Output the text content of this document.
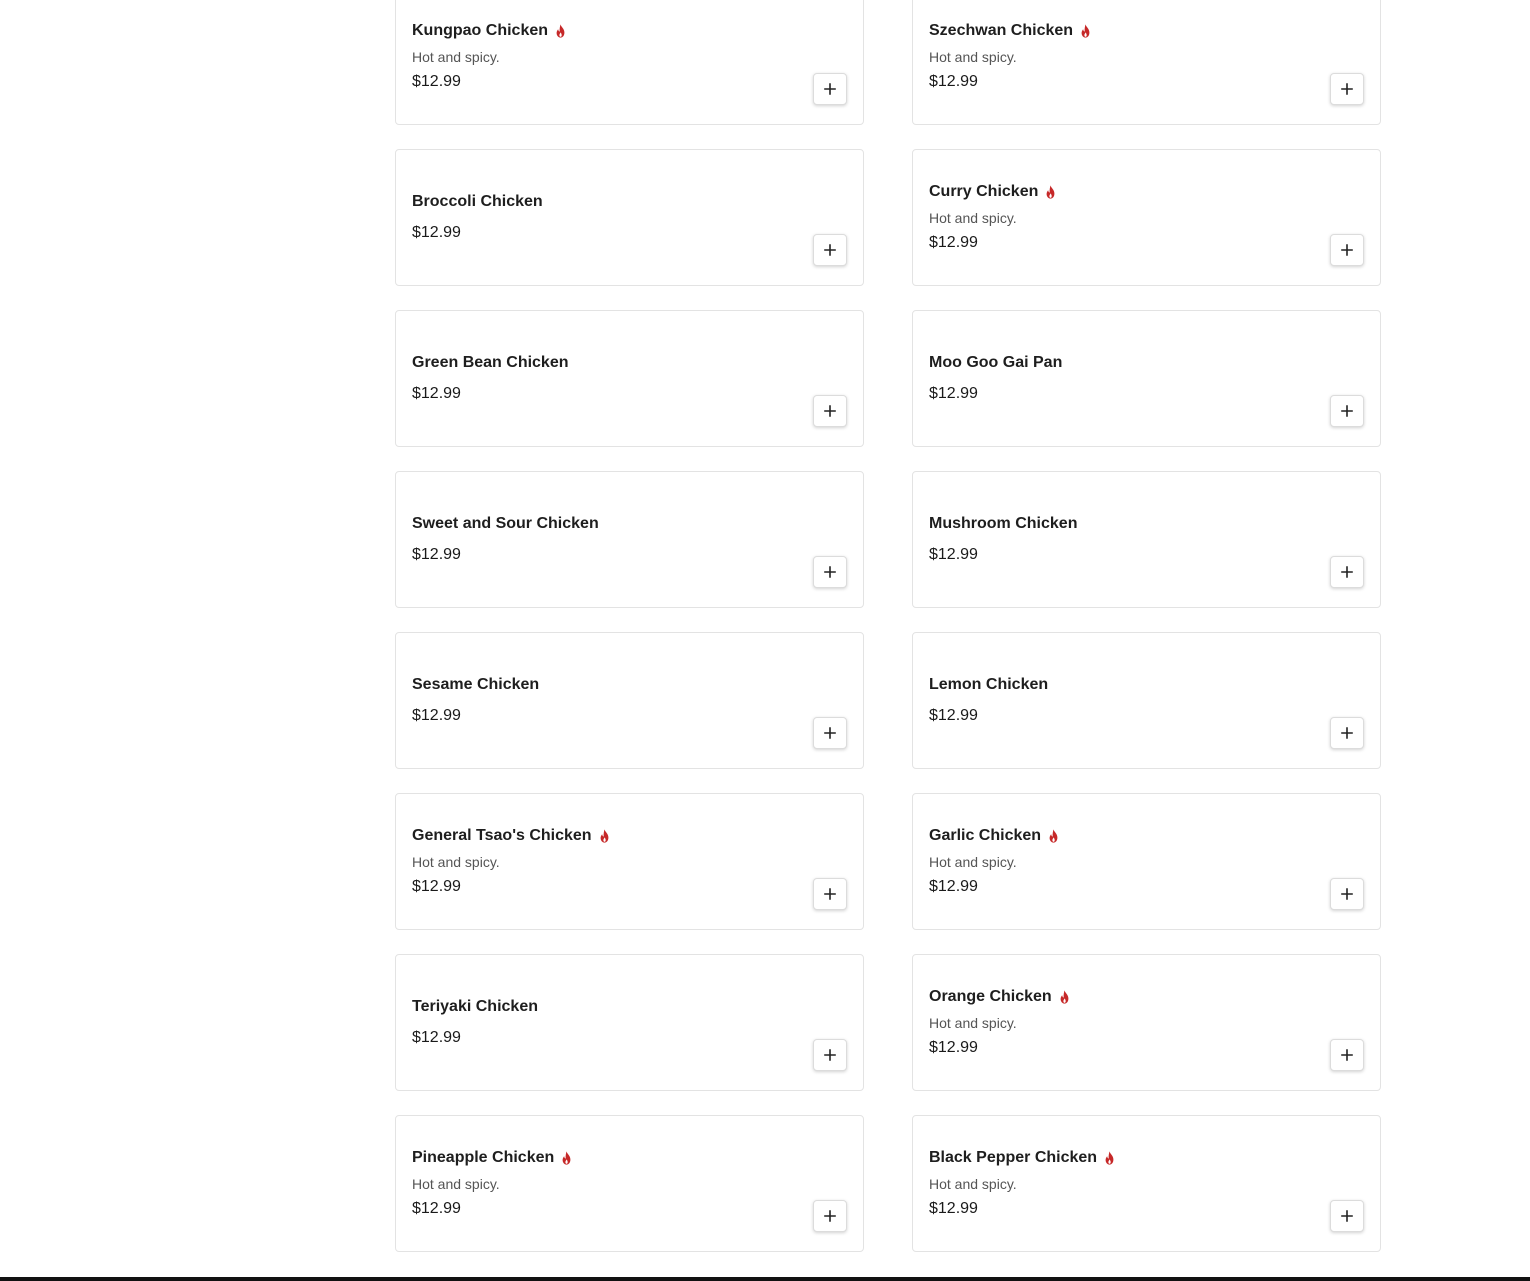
Kungpao Chicken
Hot and spicy.
$12.99
Szechwan Chicken
Hot and spicy.
$12.99
Broccoli Chicken
$12.99
Curry Chicken
Hot and spicy.
$12.99
Green Bean Chicken
$12.99
Moo Goo Gai Pan
$12.99
Sweet and Sour Chicken
$12.99
Mushroom Chicken
$12.99
Sesame Chicken
$12.99
Lemon Chicken
$12.99
General Tsao's Chicken
Hot and spicy.
$12.99
Garlic Chicken
Hot and spicy.
$12.99
Teriyaki Chicken
$12.99
Orange Chicken
Hot and spicy.
$12.99
Pineapple Chicken
Hot and spicy.
$12.99
Black Pepper Chicken
Hot and spicy.
$12.99
